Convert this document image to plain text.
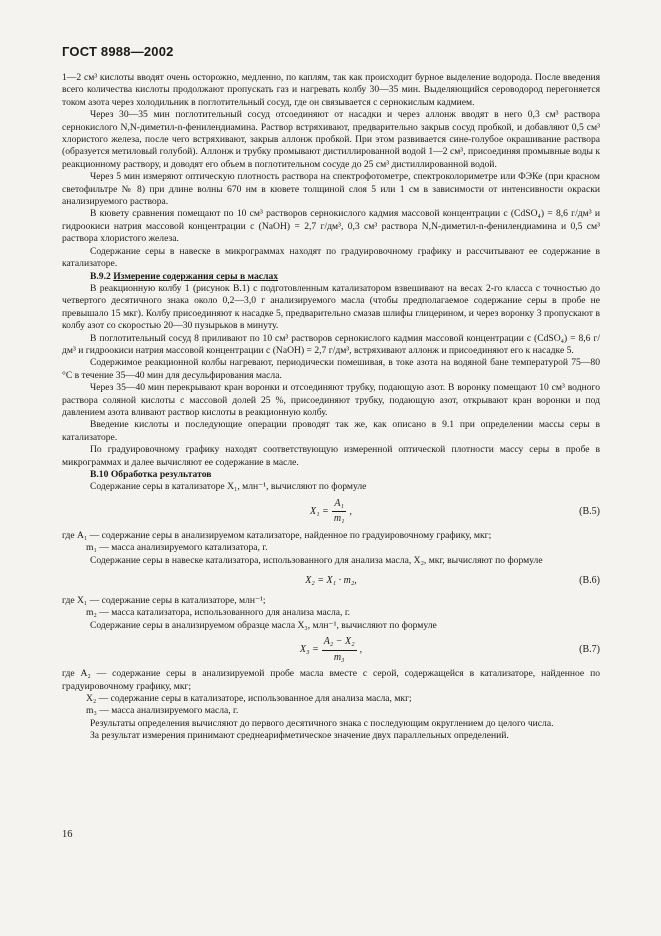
ГОСТ 8988—2002

1—2 см³ кислоты вводят очень осторожно, медленно, по каплям, так как происходит бурное выделение водорода. После введения всего количества кислоты продолжают пропускать газ и нагревать колбу 30—35 мин. Выделяющийся сероводород перегоняется током азота через холодильник в поглотительный сосуд, где он связывается с сернокислым кадмием.

Через 30—35 мин поглотительный сосуд отсоединяют от насадки и через аллонж вводят в него 0,3 см³ раствора сернокислого N,N-диметил-n-фенилендиамина. Раствор встряхивают, предварительно закрыв сосуд пробкой, и добавляют 0,5 см³ хлористого железа, после чего встряхивают, закрыв аллонж пробкой. При этом развивается сине-голубое окрашивание раствора (образуется метиловый голубой). Аллонж и трубку промывают дистиллированной водой 1—2 см³, присоединяя промывные воды к реакционному раствору, и доводят его объем в поглотительном сосуде до 25 см³ дистиллированной водой.

Через 5 мин измеряют оптическую плотность раствора на спектрофотометре, спектроколориметре или ФЭКе (при красном светофильтре № 8) при длине волны 670 нм в кювете толщиной слоя 5 или 1 см в зависимости от интенсивности окраски анализируемого раствора.

В кювету сравнения помещают по 10 см³ растворов сернокислого кадмия массовой концентрации c (CdSO₄) = 8,6 г/дм³ и гидроокиси натрия массовой концентрации c (NaOH) = 2,7 г/дм³, 0,3 см³ раствора N,N-диметил-n-фенилендиамина и 0,5 см³ раствора хлористого железа.

Содержание серы в навеске в микрограммах находят по градуировочному графику и рассчитывают ее содержание в катализаторе.

В.9.2 Измерение содержания серы в маслах

В реакционную колбу 1 (рисунок В.1) с подготовленным катализатором взвешивают на весах 2-го класса с точностью до четвертого десятичного знака около 0,2—3,0 г анализируемого масла (чтобы предполагаемое содержание серы в пробе не превышало 15 мкг). Колбу присоединяют к насадке 5, предварительно смазав шлифы глицерином, и через воронку 3 пропускают в колбу азот со скоростью 20—30 пузырьков в минуту.

В поглотительный сосуд 8 приливают по 10 см³ растворов сернокислого кадмия массовой концентрации c (CdSO₄) = 8,6 г/дм³ и гидроокиси натрия массовой концентрации c (NaOH) = 2,7 г/дм³, встряхивают аллонж и присоединяют его к насадке 5.

Содержимое реакционной колбы нагревают, периодически помешивая, в токе азота на водяной бане температурой 75—80 °С в течение 35—40 мин для десульфирования масла.

Через 35—40 мин перекрывают кран воронки и отсоединяют трубку, подающую азот. В воронку помещают 10 см³ водного раствора соляной кислоты с массовой долей 25 %, присоединяют трубку, подающую азот, открывают кран воронки и под давлением азота вливают раствор кислоты в реакционную колбу.

Введение кислоты и последующие операции проводят так же, как описано в 9.1 при определении массы серы в катализаторе.

По градуировочному графику находят соответствующую измеренной оптической плотности массу серы в пробе в микрограммах и далее вычисляют ее содержание в масле.

В.10 Обработка результатов

Содержание серы в катализаторе X₁, млн⁻¹, вычисляют по формуле

$X_1 = \frac{\text{A₁}}{\text{m₁}}$ ,	(В.5)

где A₁ — содержание серы в анализируемом катализаторе, найденное по градуировочному графику, мкг;

m₁ — масса анализируемого катализатора, г.

Содержание серы в навеске катализатора, использованного для анализа масла, X₂, мкг, вычисляют по формуле

X₂ = X₁ · m₂,	(В.6)

где X₁ — содержание серы в катализаторе, млн⁻¹;

m₂ — масса катализатора, использованного для анализа масла, г.

Содержание серы в анализируемом образце масла X₃, млн⁻¹, вычисляют по формуле

$X_3 = \frac{\text{A₂ − X₂}}{\text{m₃}}$ ,	(В.7)

где A₂ — содержание серы в анализируемой пробе масла вместе с серой, содержащейся в катализаторе, найденное по градуировочному графику, мкг;

X₂ — содержание серы в катализаторе, использованное для анализа масла, мкг;

m₃ — масса анализируемого масла, г.

Результаты определения вычисляют до первого десятичного знака с последующим округлением до целого числа.

За результат измерения принимают среднеарифметическое значение двух параллельных определений.

16
